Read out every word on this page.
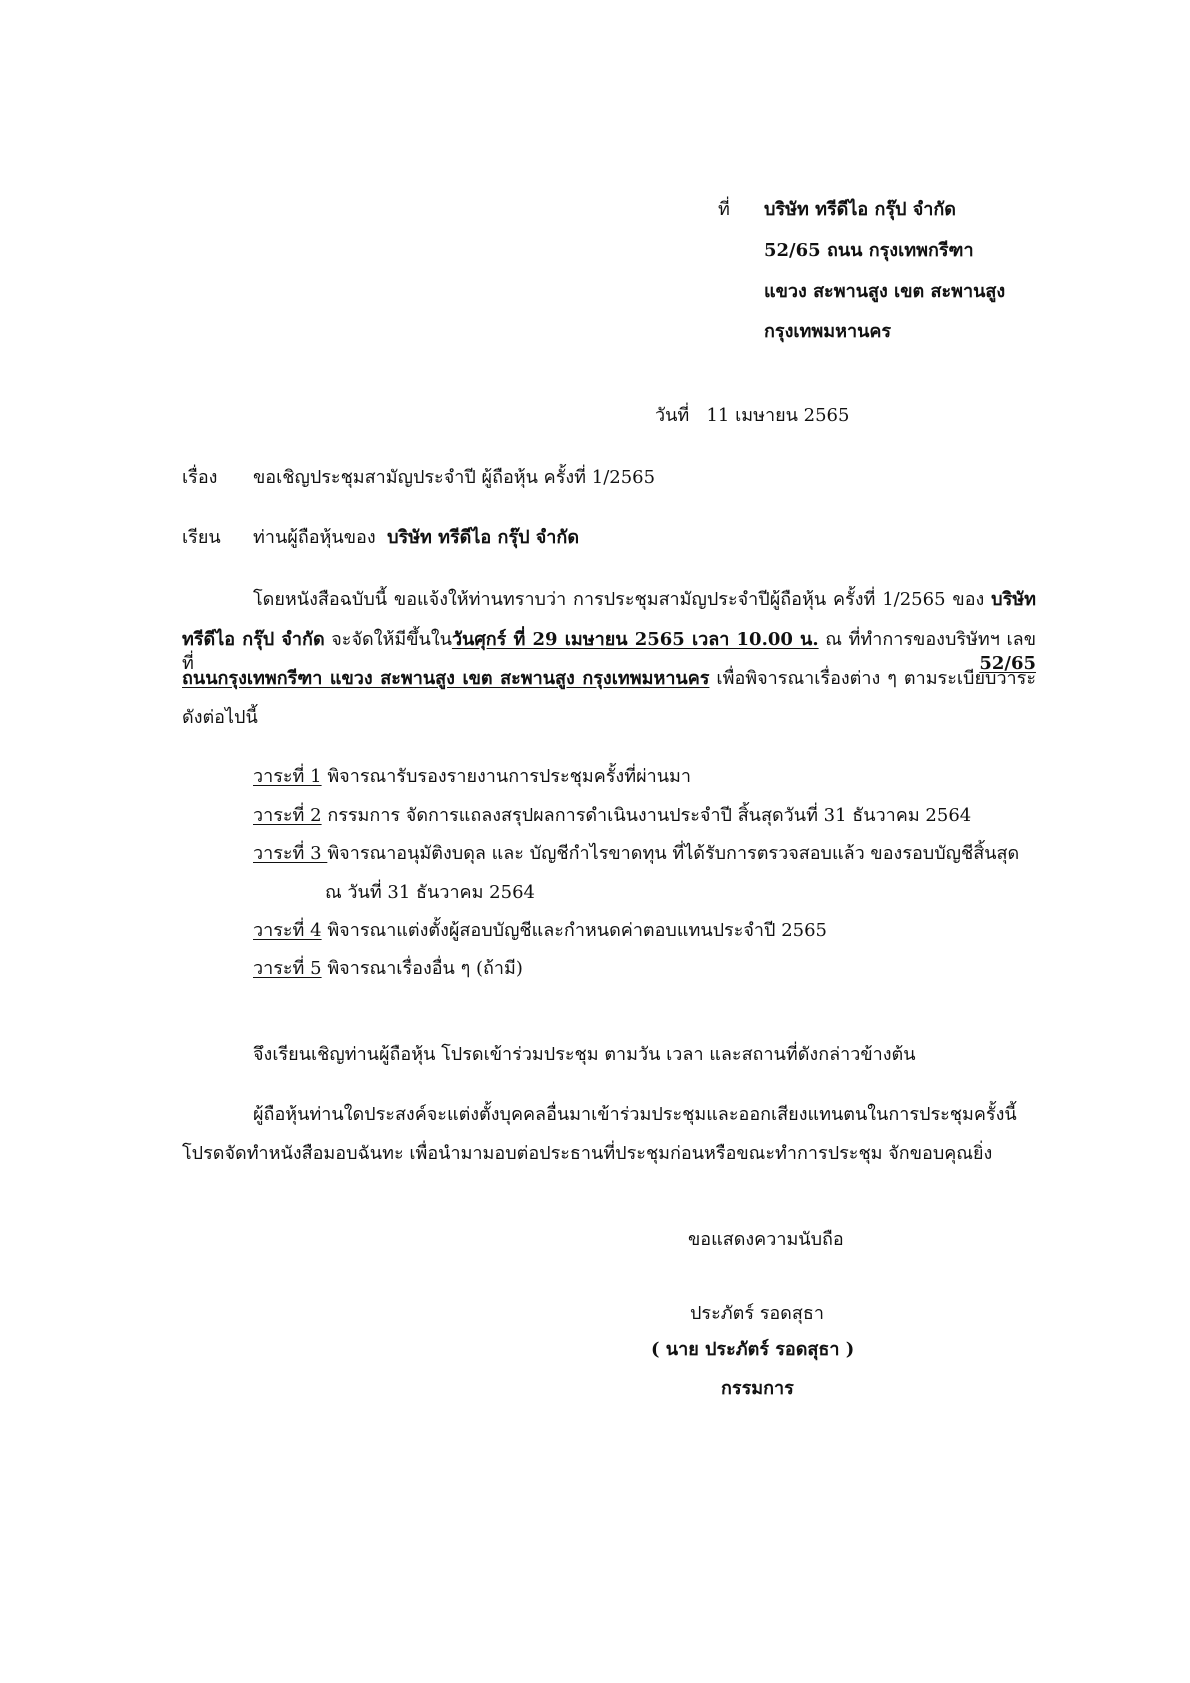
ที่ บริษัท ทรีดีไอ กรุ๊ป จำกัด
52/65 ถนน กรุงเทพกรีฑา
แขวง สะพานสูง เขต สะพานสูง
กรุงเทพมหานคร
วันที่ 11 เมษายน 2565
เรื่อง ขอเชิญประชุมสามัญประจำปี ผู้ถือหุ้น ครั้งที่ 1/2565
เรียน ท่านผู้ถือหุ้นของ บริษัท ทรีดีไอ กรุ๊ป จำกัด
โดยหนังสือฉบับนี้ ขอแจ้งให้ท่านทราบว่า การประชุมสามัญประจำปีผู้ถือหุ้น ครั้งที่ 1/2565 ของ บริษัท
ทรีดีไอ กรุ๊ป จำกัด จะจัดให้มีขึ้นในวันศุกร์ ที่ 29 เมษายน 2565 เวลา 10.00 น. ณ ที่ทำการของบริษัทฯ เลขที่ 52/65
ถนนกรุงเทพกรีฑา แขวง สะพานสูง เขต สะพานสูง กรุงเทพมหานคร เพื่อพิจารณาเรื่องต่าง ๆ ตามระเบียบวาระ
ดังต่อไปนี้
วาระที่ 1 พิจารณารับรองรายงานการประชุมครั้งที่ผ่านมา
วาระที่ 2 กรรมการ จัดการแถลงสรุปผลการดำเนินงานประจำปี สิ้นสุดวันที่ 31 ธันวาคม 2564
วาระที่ 3 พิจารณาอนุมัติงบดุล และ บัญชีกำไรขาดทุน ที่ได้รับการตรวจสอบแล้ว ของรอบบัญชีสิ้นสุด
ณ วันที่ 31 ธันวาคม 2564
วาระที่ 4 พิจารณาแต่งตั้งผู้สอบบัญชีและกำหนดค่าตอบแทนประจำปี 2565
วาระที่ 5 พิจารณาเรื่องอื่น ๆ (ถ้ามี)
จึงเรียนเชิญท่านผู้ถือหุ้น โปรดเข้าร่วมประชุม ตามวัน เวลา และสถานที่ดังกล่าวข้างต้น
ผู้ถือหุ้นท่านใดประสงค์จะแต่งตั้งบุคคลอื่นมาเข้าร่วมประชุมและออกเสียงแทนตนในการประชุมครั้งนี้
โปรดจัดทำหนังสือมอบฉันทะ เพื่อนำมามอบต่อประธานที่ประชุมก่อนหรือขณะทำการประชุม จักขอบคุณยิ่ง
ขอแสดงความนับถือ
ประภัตร์ รอดสุธา
( นาย ประภัตร์ รอดสุธา )
กรรมการ
